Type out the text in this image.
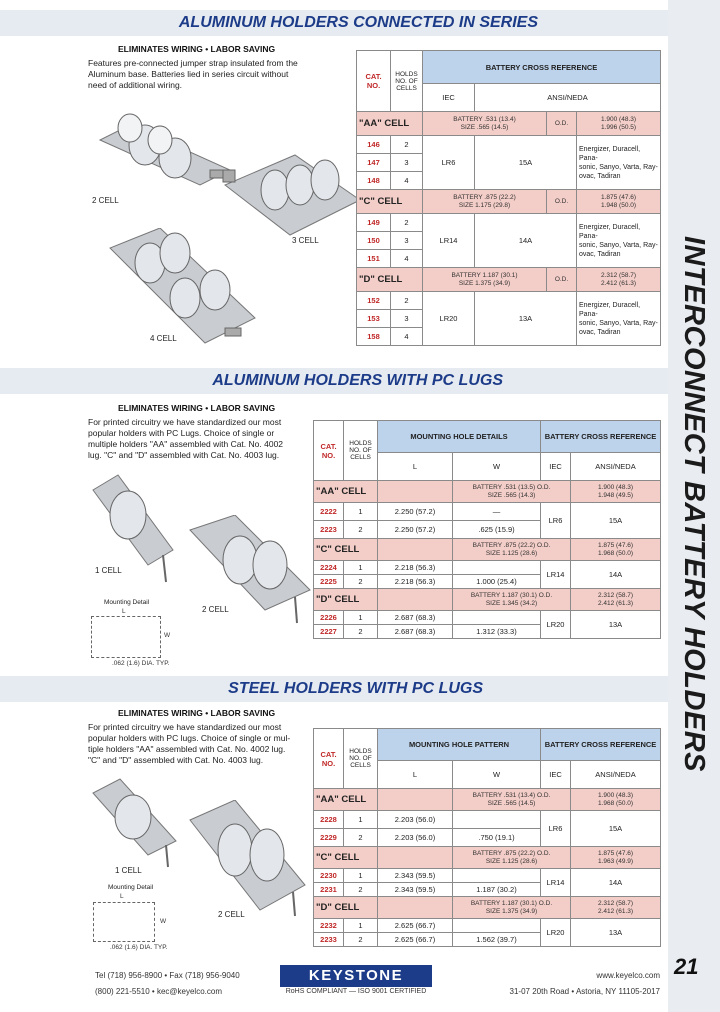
INTERCONNECT BATTERY HOLDERS
21
ALUMINUM HOLDERS CONNECTED IN SERIES
ELIMINATES WIRING • LABOR SAVING
Features pre-connected jumper strap insulated from the
Aluminum base. Batteries lied in series circuit without
need of additional wiring.
2 CELL
3 CELL
4 CELL
CAT.
NO.	HOLDS
NO. OF
CELLS	BATTERY CROSS REFERENCE			
		IEC	ANSI/NEDA		
"AA" CELL		BATTERY .531 (13.4)
SIZE .565 (14.5)		O.D.	1.900 (48.3)
1.996 (50.5)
146	2	LR6	15A		Energizer, Duracell, Pana-
sonic, Sanyo, Varta, Ray-
ovac, Tadiran
147	3				
148	4				
"C" CELL		BATTERY .875 (22.2)
SIZE 1.175 (29.8)		O.D.	1.875 (47.6)
1.948 (50.0)
149	2	LR14	14A		Energizer, Duracell, Pana-
sonic, Sanyo, Varta, Ray-
ovac, Tadiran
150	3				
151	4				
"D" CELL		BATTERY 1.187 (30.1)
SIZE 1.375 (34.9)		O.D.	2.312 (58.7)
2.412 (61.3)
152	2	LR20	13A		Energizer, Duracell, Pana-
sonic, Sanyo, Varta, Ray-
ovac, Tadiran
153	3				
158	4				
ALUMINUM HOLDERS WITH PC LUGS
ELIMINATES WIRING • LABOR SAVING
For printed circuitry we have standardized our most
popular holders with PC Lugs. Choice of single or
multiple holders "AA" assembled with Cat. No. 4002
lug. "C" and "D" assembled with Cat. No. 4003 lug.
1 CELL
2 CELL
Mounting Detail
L
W
.062 (1.6) DIA. TYP.
CAT.
NO.	HOLDS
NO. OF
CELLS	MOUNTING HOLE DETAILS		BATTERY CROSS REFERENCE	
		L	W	IEC	ANSI/NEDA
"AA" CELL			BATTERY .531 (13.5) O.D.
SIZE .565 (14.3)		1.900 (48.3)
1.948 (49.5)
2222	1	2.250 (57.2)	—	LR6	15A
2223	2	2.250 (57.2)	.625 (15.9)		
"C" CELL			BATTERY .875 (22.2) O.D.
SIZE 1.125 (28.6)		1.875 (47.6)
1.968 (50.0)
2224	1	2.218 (56.3)		LR14	14A
2225	2	2.218 (56.3)	1.000 (25.4)		
"D" CELL			BATTERY 1.187 (30.1) O.D.
SIZE 1.345 (34.2)		2.312 (58.7)
2.412 (61.3)
2226	1	2.687 (68.3)		LR20	13A
2227	2	2.687 (68.3)	1.312 (33.3)		
STEEL HOLDERS WITH PC LUGS
ELIMINATES WIRING • LABOR SAVING
For printed circuitry we have standardized our most
popular holders with PC lugs. Choice of single or mul-
tiple holders "AA" assembled with Cat. No. 4002 lug.
"C" and "D" assembled with Cat. No. 4003 lug.
1 CELL
2 CELL
Mounting Detail
L
W
.062 (1.6) DIA. TYP.
CAT.
NO.	HOLDS
NO. OF
CELLS	MOUNTING HOLE PATTERN		BATTERY CROSS REFERENCE	
		L	W	IEC	ANSI/NEDA
"AA" CELL			BATTERY .531 (13.4) O.D.
SIZE .565 (14.5)		1.900 (48.3)
1.968 (50.0)
2228	1	2.203 (56.0)		LR6	15A
2229	2	2.203 (56.0)	.750 (19.1)		
"C" CELL			BATTERY .875 (22.2) O.D.
SIZE 1.125 (28.6)		1.875 (47.6)
1.963 (49.9)
2230	1	2.343 (59.5)		LR14	14A
2231	2	2.343 (59.5)	1.187 (30.2)		
"D" CELL			BATTERY 1.187 (30.1) O.D.
SIZE 1.375 (34.9)		2.312 (58.7)
2.412 (61.3)
2232	1	2.625 (66.7)		LR20	13A
2233	2	2.625 (66.7)	1.562 (39.7)		
Tel (718) 956-8900 • Fax (718) 956-9040
(800) 221-5510 • kec@keyelco.com
KEYSTONE
RoHS COMPLIANT — ISO 9001 CERTIFIED
www.keyelco.com
31-07 20th Road • Astoria, NY 11105-2017
